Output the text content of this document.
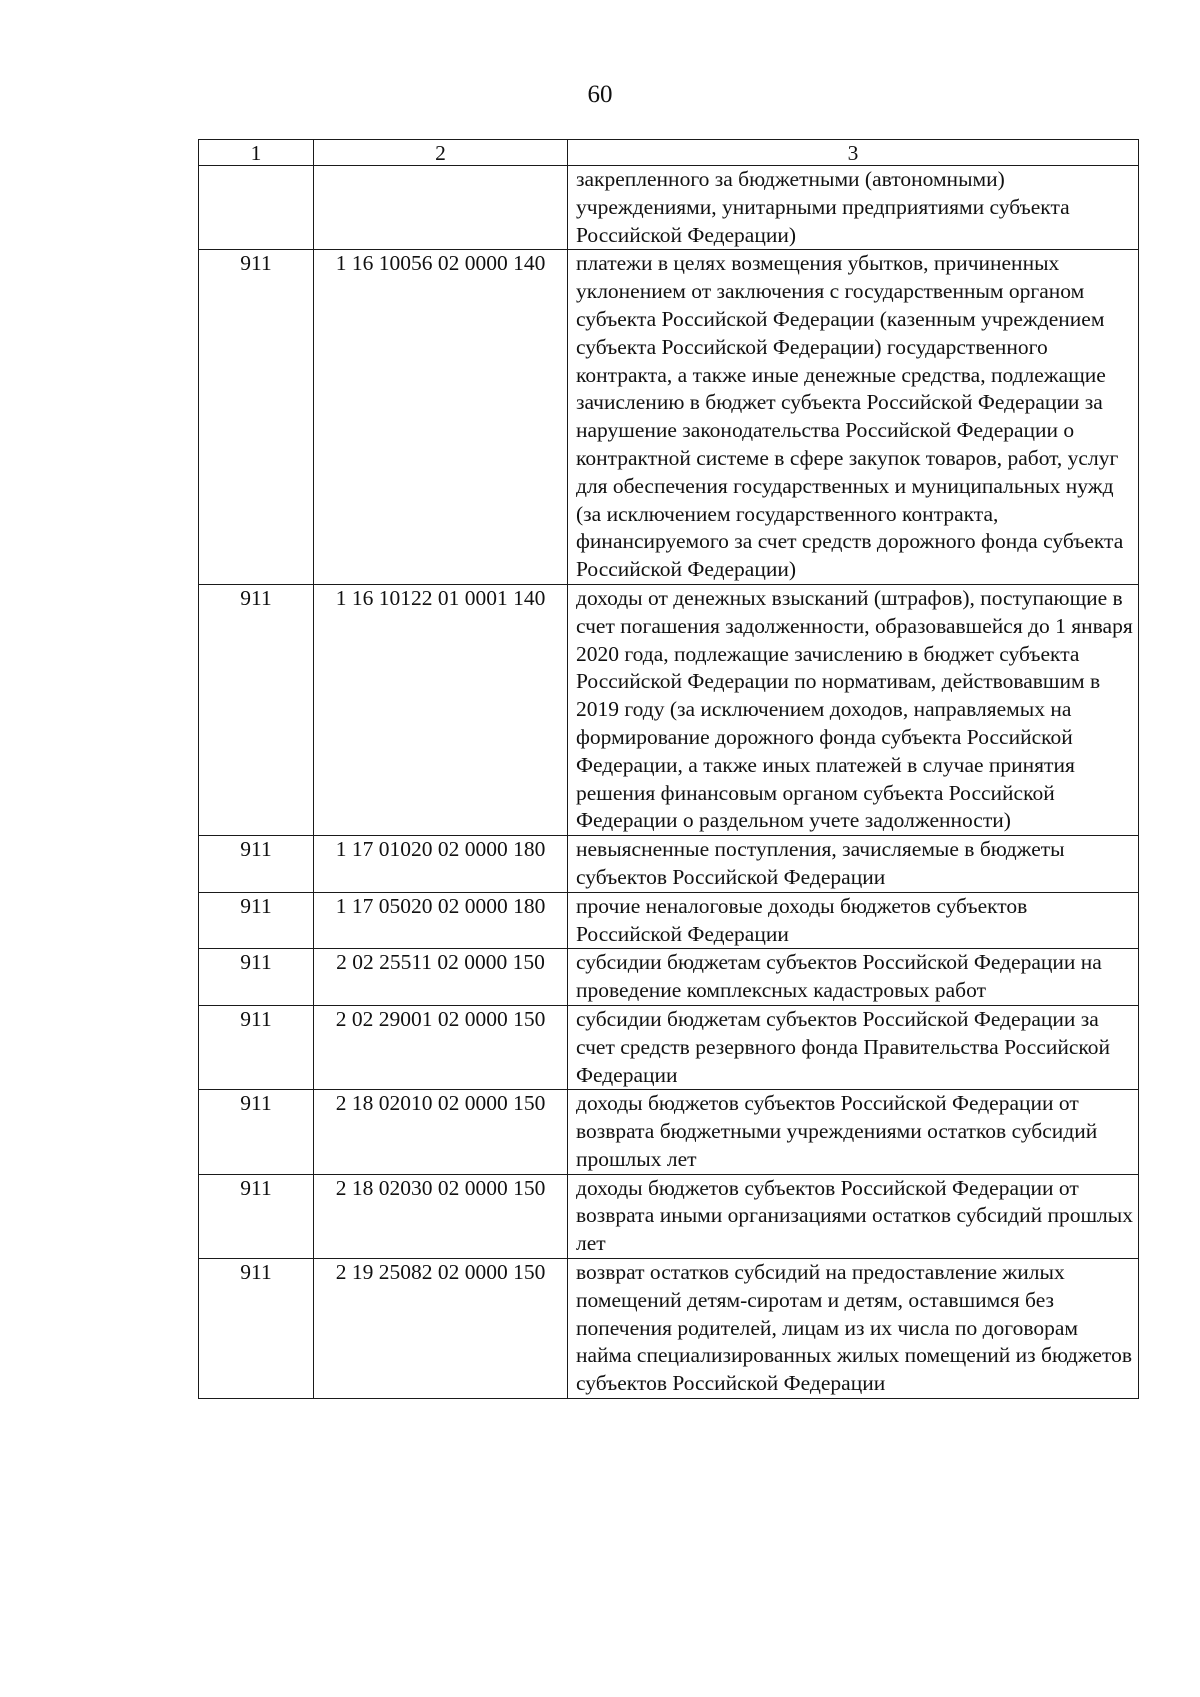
60
1	2	3
		закрепленного за бюджетными (автономными) учреждениями, унитарными предприятиями субъекта Российской Федерации)
911	1 16 10056 02 0000 140	платежи в целях возмещения убытков, причиненных уклонением от заключения с государственным органом субъекта Российской Федерации (казенным учреждением субъекта Российской Федерации) государственного контракта, а также иные денежные средства, подлежащие зачислению в бюджет субъекта Российской Федерации за нарушение законодательства Российской Федерации о контрактной системе в сфере закупок товаров, работ, услуг для обеспечения государственных и муниципальных нужд (за исключением государственного контракта, финансируемого за счет средств дорожного фонда субъекта Российской Федерации)
911	1 16 10122 01 0001 140	доходы от денежных взысканий (штрафов), поступающие в счет погашения задолженности, образовавшейся до 1 января 2020 года, подлежащие зачислению в бюджет субъекта Российской Федерации по нормативам, действовавшим в 2019 году (за исключением доходов, направляемых на формирование дорожного фонда субъекта Российской Федерации, а также иных платежей в случае принятия решения финансовым органом субъекта Российской Федерации о раздельном учете задолженности)
911	1 17 01020 02 0000 180	невыясненные поступления, зачисляемые в бюджеты субъектов Российской Федерации
911	1 17 05020 02 0000 180	прочие неналоговые доходы бюджетов субъектов Российской Федерации
911	2 02 25511 02 0000 150	субсидии бюджетам субъектов Российской Федерации на проведение комплексных кадастровых работ
911	2 02 29001 02 0000 150	субсидии бюджетам субъектов Российской Федерации за счет средств резервного фонда Правительства Российской Федерации
911	2 18 02010 02 0000 150	доходы бюджетов субъектов Российской Федерации от возврата бюджетными учреждениями остатков субсидий прошлых лет
911	2 18 02030 02 0000 150	доходы бюджетов субъектов Российской Федерации от возврата иными организациями остатков субсидий прошлых лет
911	2 19 25082 02 0000 150	возврат остатков субсидий на предоставление жилых помещений детям-сиротам и детям, оставшимся без попечения родителей, лицам из их числа по договорам найма специализированных жилых помещений из бюджетов субъектов Российской Федерации
